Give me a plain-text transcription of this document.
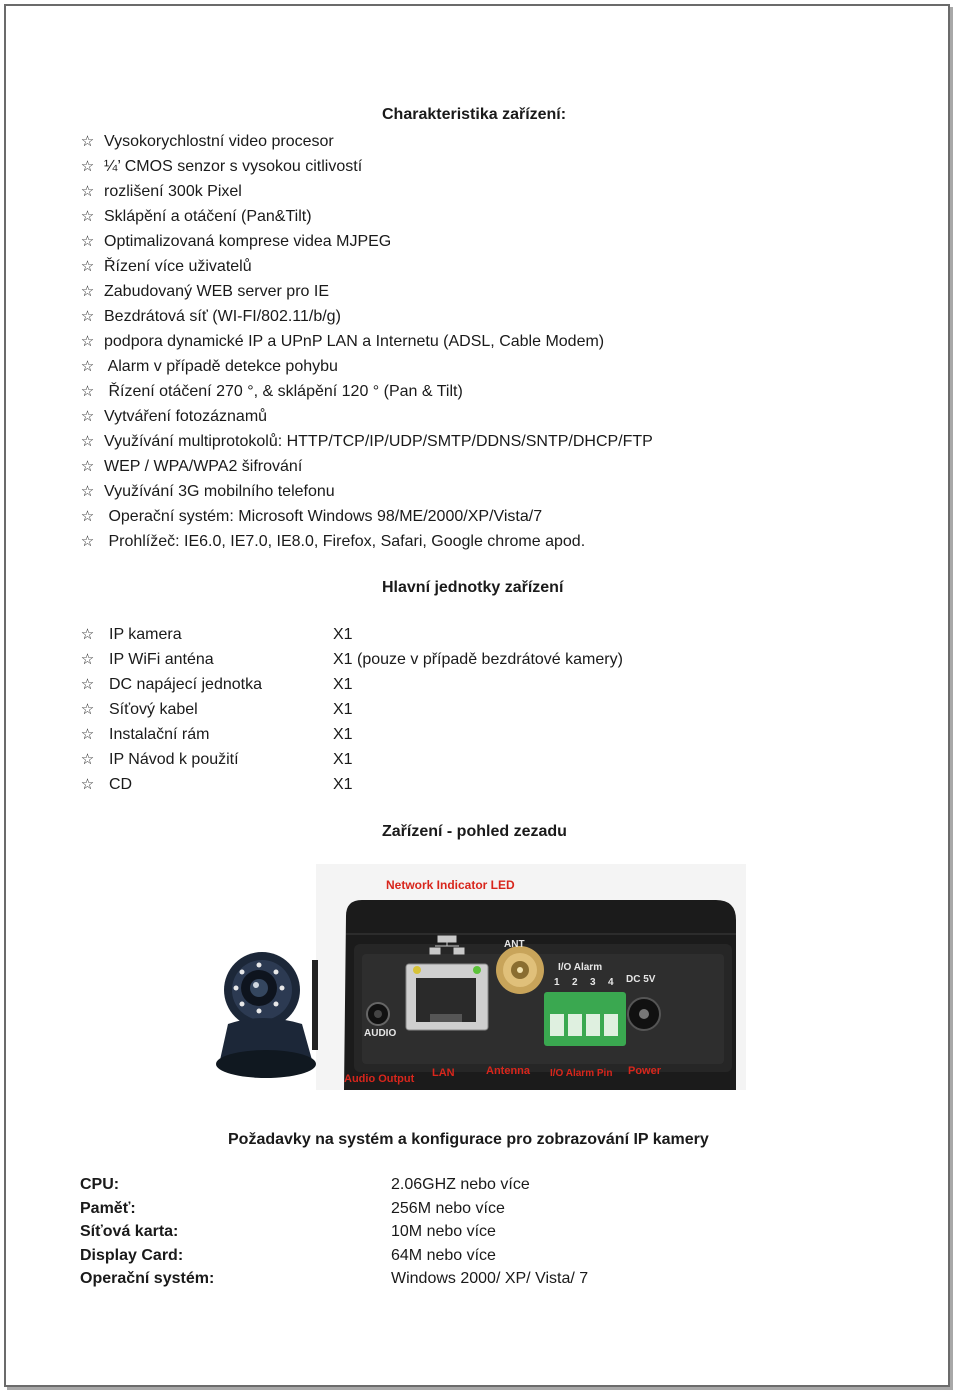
Charakteristika zařízení:
☆ Vysokorychlostní video procesor
☆ ¼’ CMOS senzor s vysokou citlivostí
☆ rozlišení 300k Pixel
☆ Sklápění a otáčení (Pan&Tilt)
☆ Optimalizovaná komprese videa MJPEG
☆ Řízení více uživatelů
☆ Zabudovaný WEB server pro IE
☆ Bezdrátová síť (WI-FI/802.11/b/g)
☆ podpora dynamické IP a UPnP LAN a Internetu (ADSL, Cable Modem)
☆ Alarm v případě detekce pohybu
☆ Řízení otáčení 270 °, & sklápění 120 ° (Pan & Tilt)
☆ Vytváření fotozáznamů
☆ Využívání multiprotokolů: HTTP/TCP/IP/UDP/SMTP/DDNS/SNTP/DHCP/FTP
☆ WEP / WPA/WPA2 šifrování
☆ Využívání 3G mobilního telefonu
☆ Operační systém: Microsoft Windows 98/ME/2000/XP/Vista/7
☆ Prohlížeč: IE6.0, IE7.0, IE8.0, Firefox, Safari, Google chrome apod.
Hlavní jednotky zařízení
☆ IP kamera	X1
☆ IP WiFi anténa	X1 (pouze v případě bezdrátové kamery)
☆ DC napájecí jednotka	X1
☆ Síťový kabel	X1
☆ Instalační rám	X1
☆ IP Návod k použití	X1
☆ CD	X1
Zařízení - pohled zezadu
Network Indicator LED
ANT
I/O Alarm
1 2 3 4 DC 5V
AUDIO
Audio Output LAN	Antenna I/O Alarm Pin Power
Požadavky na systém a konfigurace pro zobrazování IP kamery
CPU:	2.06GHZ nebo více
Paměť:	256M nebo více
Síťová karta:	10M nebo více
Display Card:	64M nebo více
Operační systém:	Windows 2000/ XP/ Vista/ 7
